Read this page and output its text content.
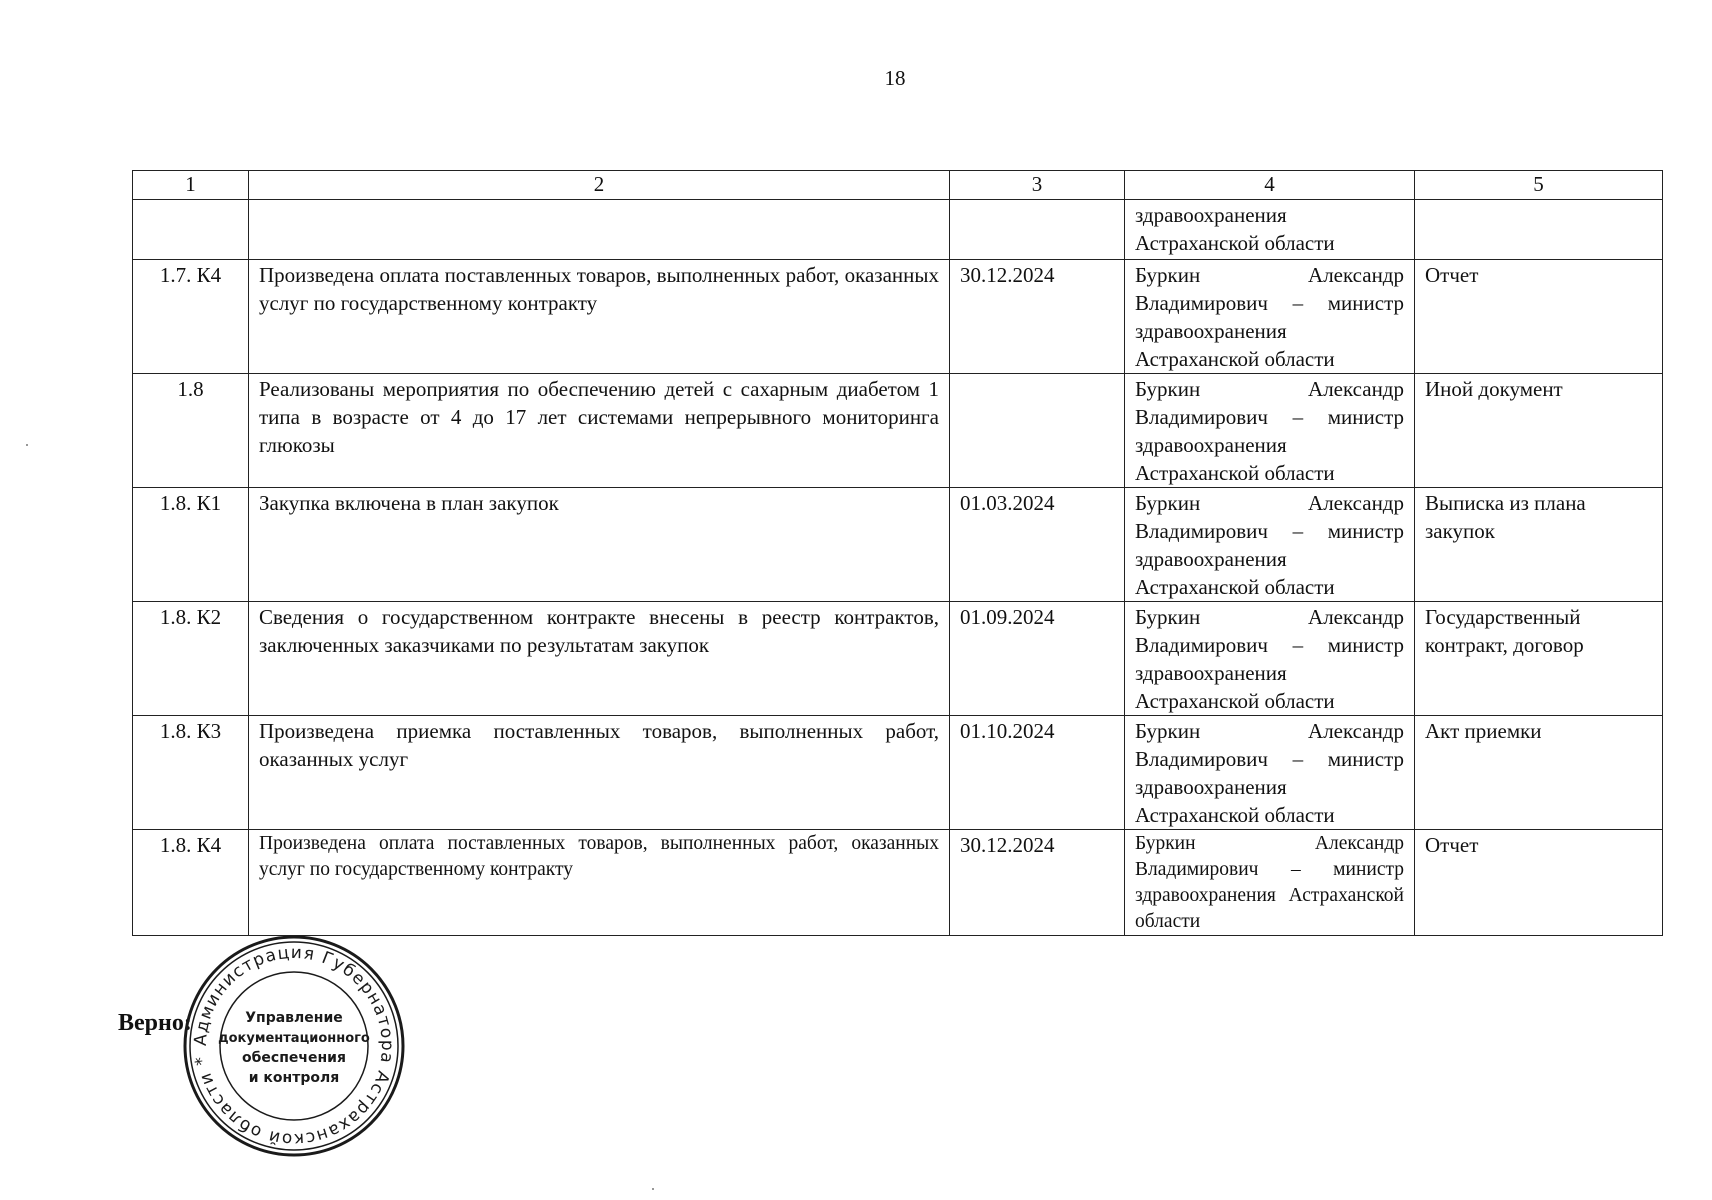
18
1	2	3	4	5
			здравоохранения Астраханской области	
1.7. К4	Произведена оплата поставленных товаров, выполненных работ, оказанных услуг по государственному контракту	30.12.2024	Буркин Александр Владимирович – министр здравоохранения Астраханской области	Отчет
1.8	Реализованы мероприятия по обеспечению детей с сахарным диабетом 1 типа в возрасте от 4 до 17 лет системами непрерывного мониторинга глюкозы		Буркин Александр Владимирович – министр здравоохранения Астраханской области	Иной документ
1.8. К1	Закупка включена в план закупок	01.03.2024	Буркин Александр Владимирович – министр здравоохранения Астраханской области	Выписка из плана закупок
1.8. К2	Сведения о государственном контракте внесены в реестр контрактов, заключенных заказчиками по результатам закупок	01.09.2024	Буркин Александр Владимирович – министр здравоохранения Астраханской области	Государственный контракт, договор
1.8. К3	Произведена приемка поставленных товаров, выполненных работ, оказанных услуг	01.10.2024	Буркин Александр Владимирович – министр здравоохранения Астраханской области	Акт приемки
1.8. К4	Произведена оплата поставленных товаров, выполненных работ, оказанных услуг по государственному контракту	30.12.2024	Буркин Александр Владимирович – министр здравоохранения Астраханской области	Отчет
Верно:
Администрация Губернатора Астраханской области *
Управление
документационного
обеспечения
и контроля
